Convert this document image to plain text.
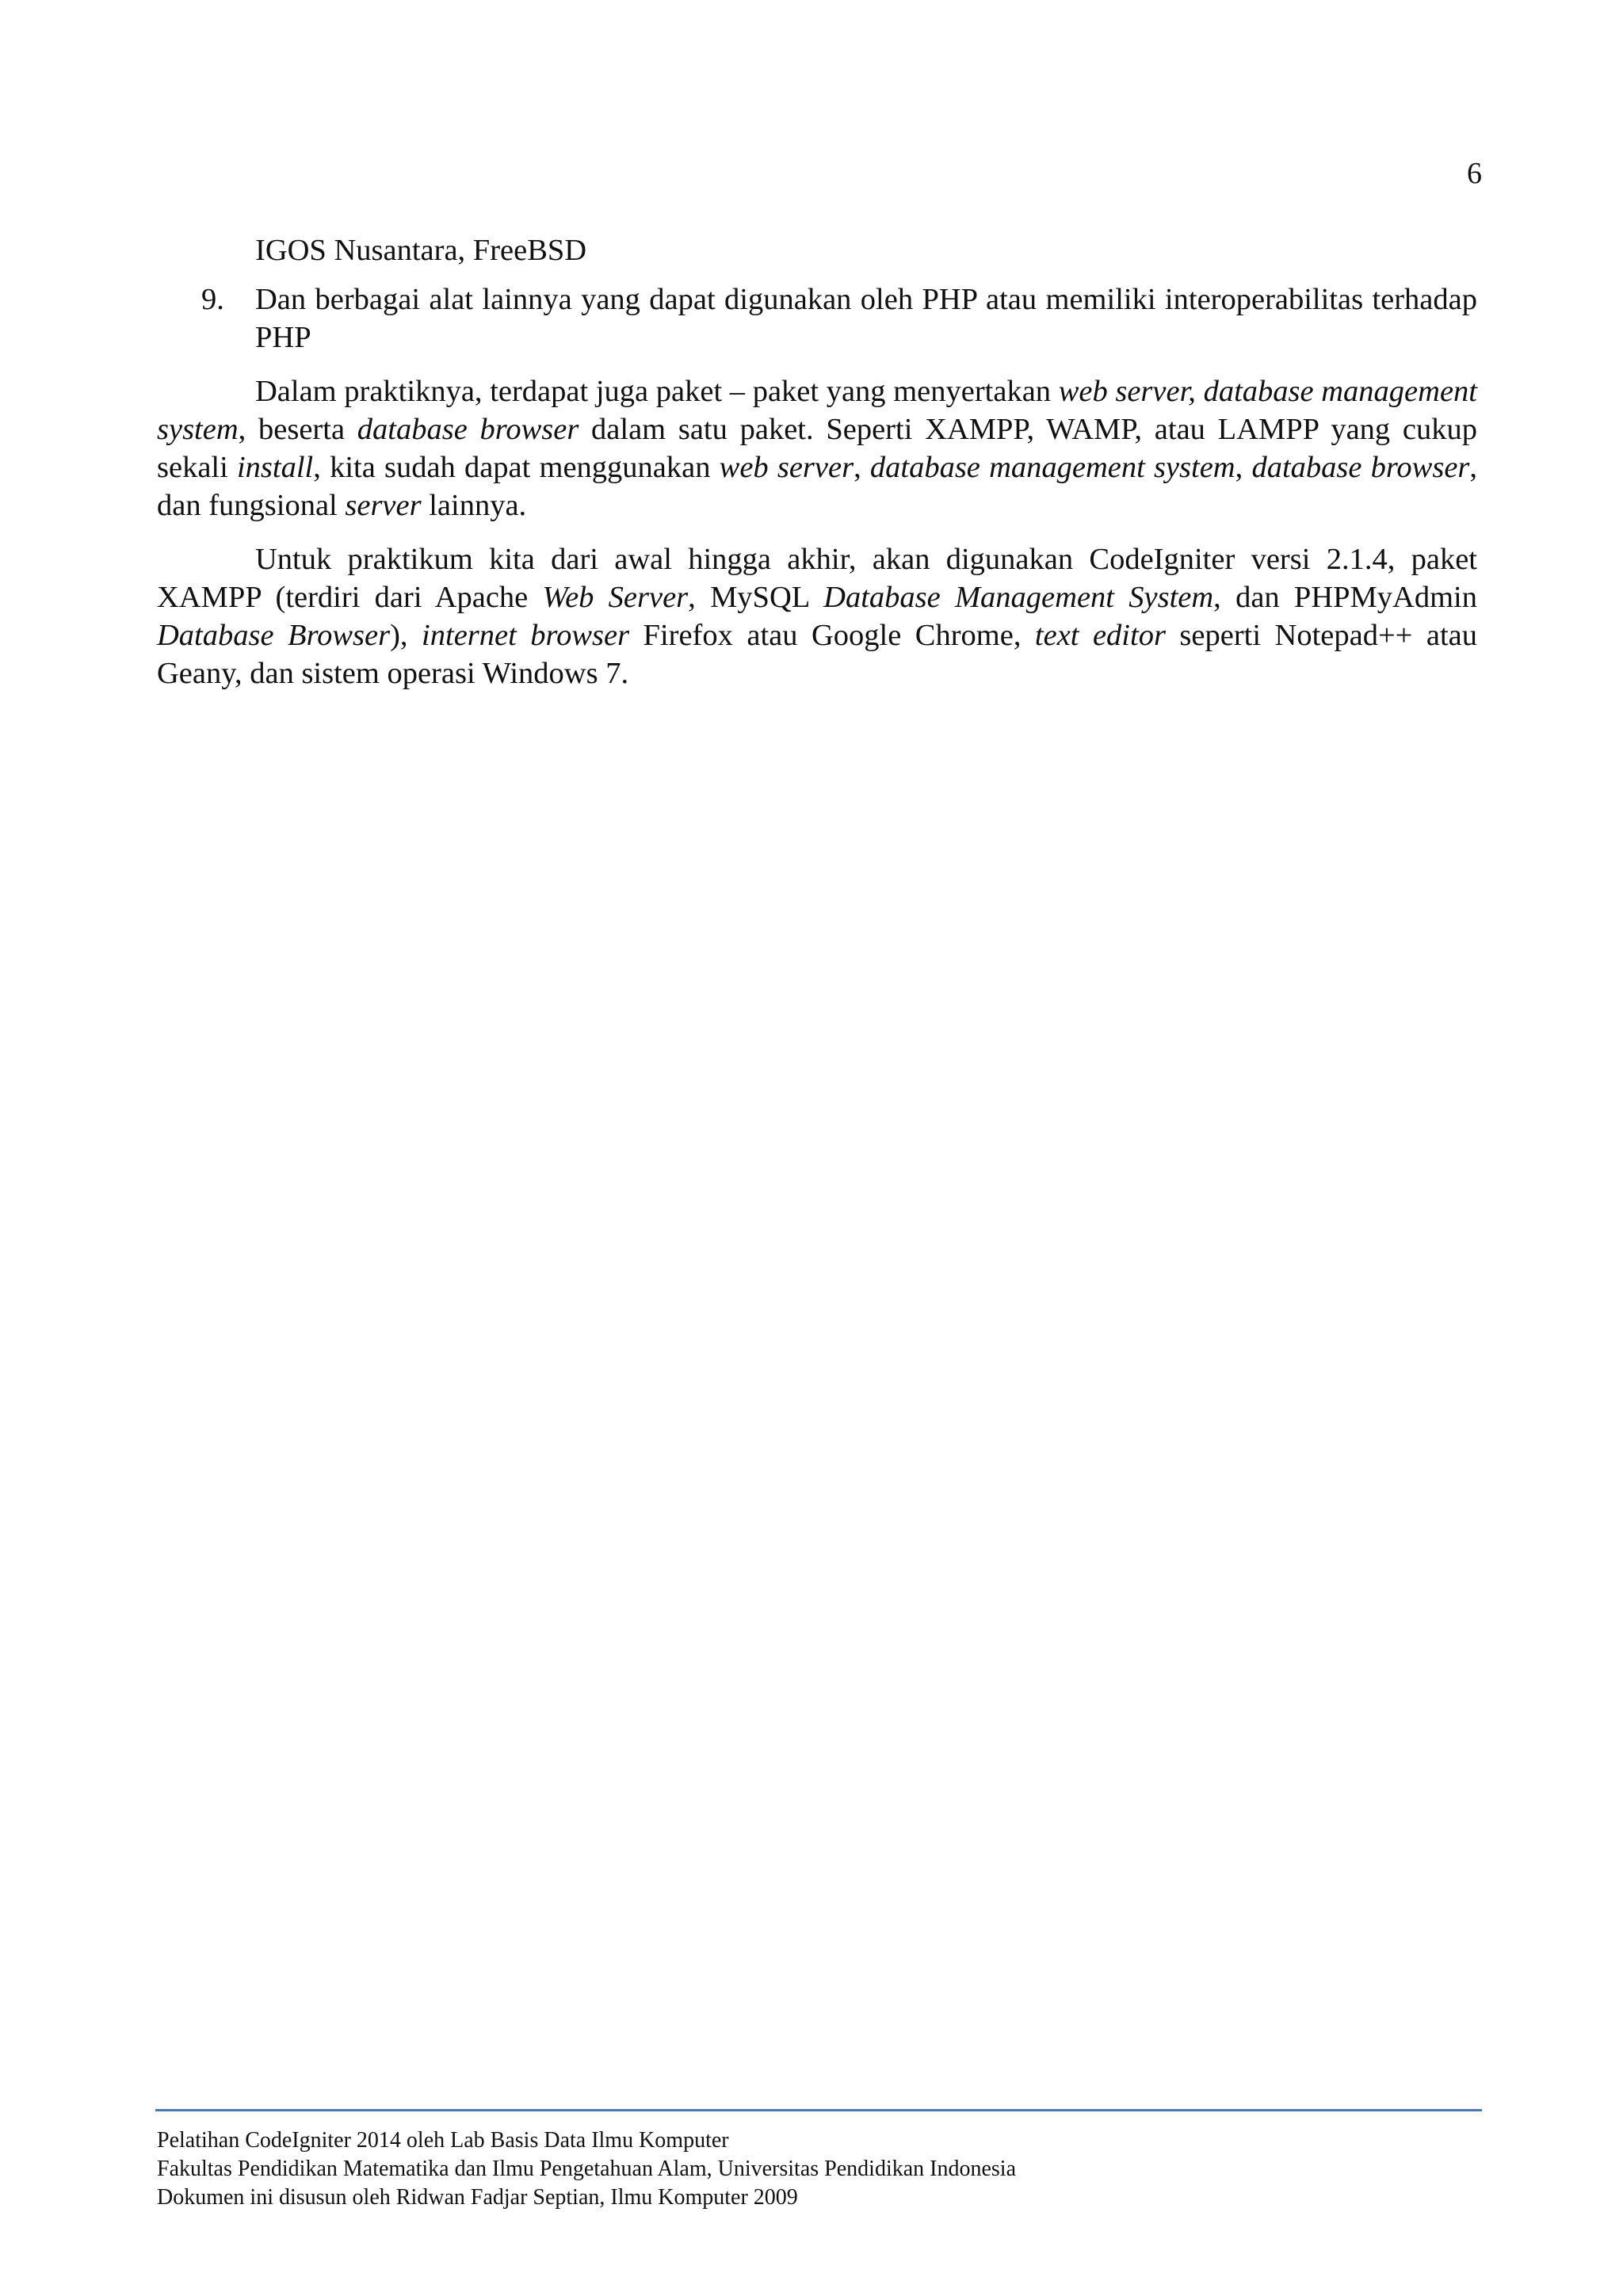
6
IGOS Nusantara, FreeBSD
9. Dan berbagai alat lainnya yang dapat digunakan oleh PHP atau memiliki interoperabilitas terhadap PHP

Dalam praktiknya, terdapat juga paket – paket yang menyertakan web server, database management system, beserta database browser dalam satu paket. Seperti XAMPP, WAMP, atau LAMPP yang cukup sekali install, kita sudah dapat menggunakan web server, database management system, database browser, dan fungsional server lainnya.

Untuk praktikum kita dari awal hingga akhir, akan digunakan CodeIgniter versi 2.1.4, paket XAMPP (terdiri dari Apache Web Server, MySQL Database Management System, dan PHPMyAdmin Database Browser), internet browser Firefox atau Google Chrome, text editor seperti Notepad++ atau Geany, dan sistem operasi Windows 7.

Pelatihan CodeIgniter 2014 oleh Lab Basis Data Ilmu Komputer
Fakultas Pendidikan Matematika dan Ilmu Pengetahuan Alam, Universitas Pendidikan Indonesia
Dokumen ini disusun oleh Ridwan Fadjar Septian, Ilmu Komputer 2009
